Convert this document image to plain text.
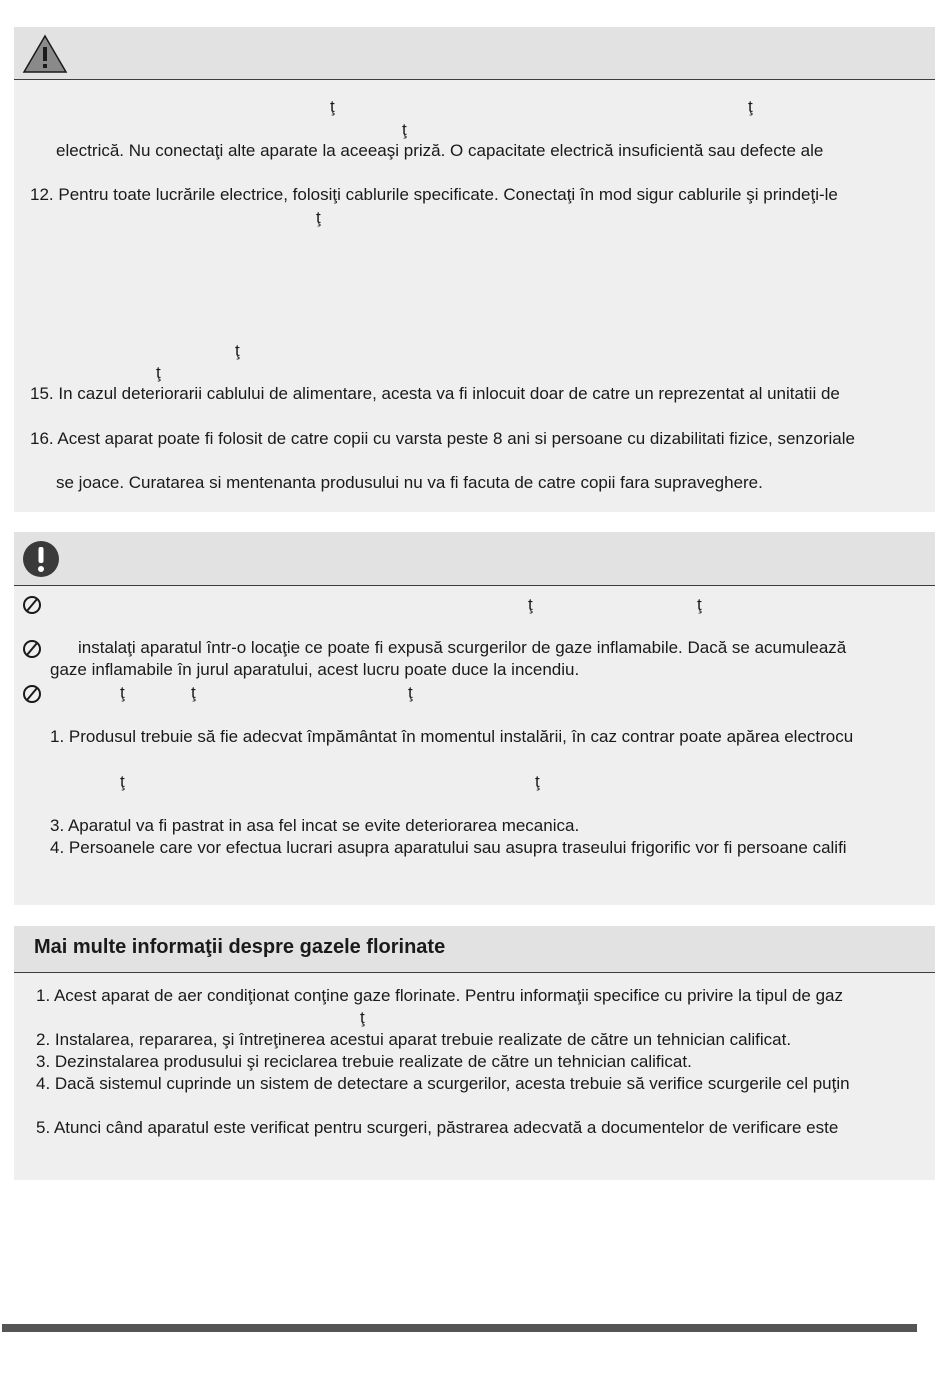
ţ	ţ
ţ
electrică. Nu conectaţi alte aparate la aceeaşi priză. O capacitate electrică insuficientă sau defecte ale
12. Pentru toate lucrările electrice, folosiţi cablurile specificate. Conectaţi în mod sigur cablurile şi prindeţi-le
ţ
ţ
ţ
15. In cazul deteriorarii cablului de alimentare, acesta va fi inlocuit doar de catre un reprezentat al unitatii de
16. Acest aparat poate fi folosit de catre copii cu varsta peste 8 ani si persoane cu dizabilitati fizice, senzoriale
se joace. Curatarea si mentenanta produsului nu va fi facuta de catre copii fara supraveghere.
ţ	ţ
instalaţi aparatul într-o locaţie ce poate fi expusă scurgerilor de gaze inflamabile. Dacă se acumulează
gaze inflamabile în jurul aparatului, acest lucru poate duce la incendiu.
ţ	ţ	ţ
1. Produsul trebuie să fie adecvat împământat în momentul instalării, în caz contrar poate apărea electrocu
ţ	ţ
3. Aparatul va fi pastrat in asa fel incat se evite deteriorarea mecanica.
4. Persoanele care vor efectua lucrari asupra aparatului sau asupra traseului frigorific vor fi persoane califi
Mai multe informaţii despre gazele florinate
1. Acest aparat de aer condiţionat conţine gaze florinate. Pentru informaţii specifice cu privire la tipul de gaz
ţ
2. Instalarea, repararea, şi întreţinerea acestui aparat trebuie realizate de către un tehnician calificat.
3. Dezinstalarea produsului şi reciclarea trebuie realizate de către un tehnician calificat.
4. Dacă sistemul cuprinde un sistem de detectare a scurgerilor, acesta trebuie să verifice scurgerile cel puţin
5. Atunci când aparatul este verificat pentru scurgeri, păstrarea adecvată a documentelor de verificare este
